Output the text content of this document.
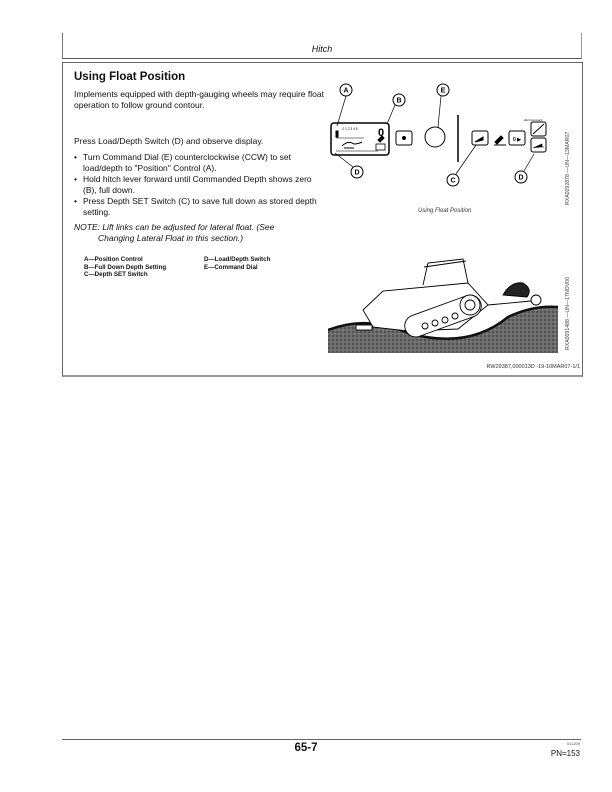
Hitch
Using Float Position
Implements equipped with depth-gauging wheels may require float operation to follow ground contour.
Press Load/Depth Switch (D) and observe display.
• Turn Command Dial (E) counterclockwise (CCW) to set load/depth to "Position" Control (A).
• Hold hitch lever forward until Commanded Depth shows zero (B), full down.
• Press Depth SET Switch (C) to save full down as stored depth setting.
NOTE: Lift links can be adjusted for lateral float. (See
Changing Lateral Float in this section.)
A—Position Control
B—Full Down Depth Setting
C—Depth SET Switch
D—Load/Depth Switch
E—Command Dial
A
B
E
D
C	D
0
0 1 2 3 4 5
0 ▶
Hitch Command
Using Float Position
RXA0092878 —UN—13MAR07
RXA0091488 —UN—17NOV06
RW29387,000013D -19-10MAR07-1/1
65-7	011209
PN=153
